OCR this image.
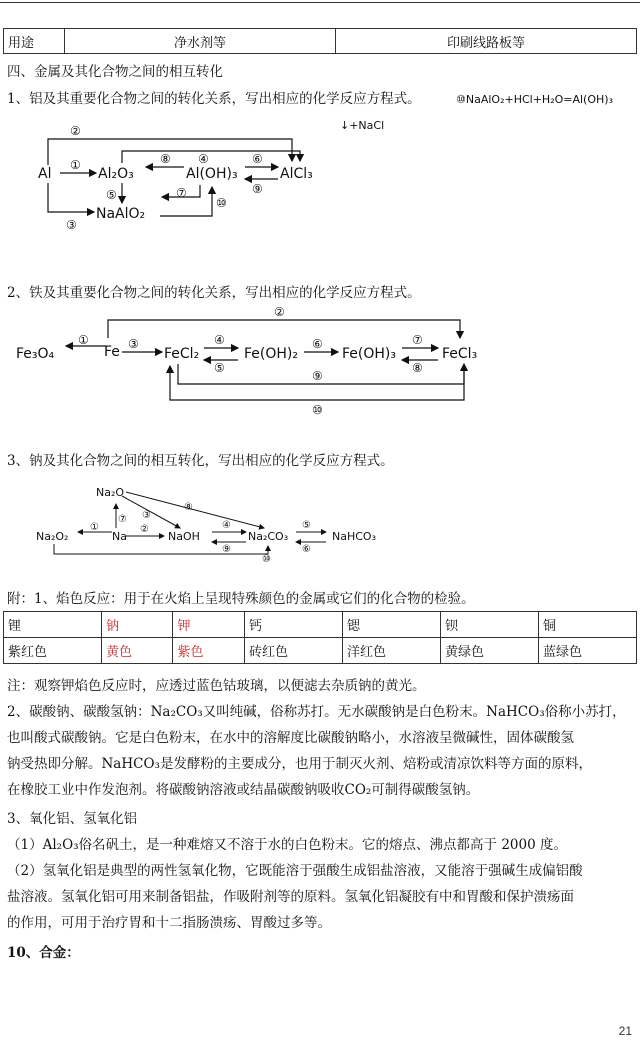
用途	净水剂等	印刷线路板等
四、金属及其化合物之间的相互转化
1、铝及其重要化合物之间的转化关系，写出相应的化学反应方程式。	⑩NaAlO₂+HCl+H₂O=Al(OH)₃
↓+NaCl
Al	Al₂O₃	Al(OH)₃	AlCl₃
NaAlO₂
①
②
③
④
⑤
⑥
⑦
⑧
⑨
⑩
2、铁及其重要化合物之间的转化关系，写出相应的化学反应方程式。
Fe₃O₄	Fe	FeCl₂	Fe(OH)₂	Fe(OH)₃	FeCl₃
①
②
③	④
⑤
⑥	⑦
⑧
⑨
⑩
3、钠及其化合物之间的相互转化，写出相应的化学反应方程式。
Na₂O
Na₂O₂	Na	NaOH	Na₂CO₃	NaHCO₃
①	②
③
④	⑤
⑥
⑦
⑧
⑨
⑩
附：1、焰色反应：用于在火焰上呈现特殊颜色的金属或它们的化合物的检验。
锂	钠	钾	钙	锶	钡	铜
紫红色	黄色	紫色	砖红色	洋红色	黄绿色	蓝绿色
注：观察钾焰色反应时，应透过蓝色钴玻璃，以便滤去杂质钠的黄光。
2、碳酸钠、碳酸氢钠：Na₂CO₃又叫纯碱，俗称苏打。无水碳酸钠是白色粉末。NaHCO₃俗称小苏打，
也叫酸式碳酸钠。它是白色粉末，在水中的溶解度比碳酸钠略小，水溶液呈微碱性，固体碳酸氢
钠受热即分解。NaHCO₃是发酵粉的主要成分，也用于制灭火剂、焙粉或清凉饮料等方面的原料，
在橡胶工业中作发泡剂。将碳酸钠溶液或结晶碳酸钠吸收CO₂可制得碳酸氢钠。
3、氧化铝、氢氧化铝
（1）Al₂O₃俗名矾土，是一种难熔又不溶于水的白色粉末。它的熔点、沸点都高于 2000 度。
（2）氢氧化铝是典型的两性氢氧化物，它既能溶于强酸生成铝盐溶液，又能溶于强碱生成偏铝酸
盐溶液。氢氧化铝可用来制备铝盐，作吸附剂等的原料。氢氧化铝凝胶有中和胃酸和保护溃疡面
的作用，可用于治疗胃和十二指肠溃疡、胃酸过多等。
10、合金：
21
